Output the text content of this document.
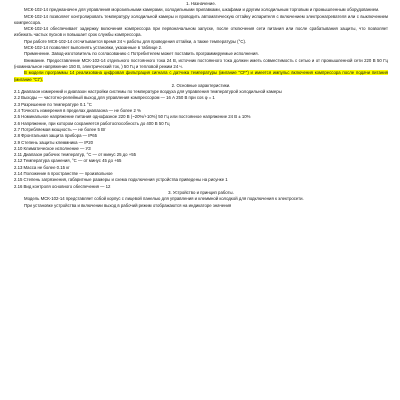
1. Назначение.

МСК-102-14 предназначен для управления морозильными камерами, холодильными прилавками, шкафами и другим холодильным торговым и промышленным оборудованием.

МСК-102-14 позволяет контролировать температуру холодильной камеры и проводить автоматическую оттайку испарителя с включением электронагревателя или с выключением компрессора.

МСК-102-14 обеспечивает задержку включения компрессора при первоначальном запуске, после отключения сети питания или после срабатывания защиты, что позволяет избежать частых пусков и повышает срок службы компрессора.

При работе МСК-102-14 отсчитывается время 24 ч работы для проведения оттайки, а также температуры (°С).

МСК-102-14 позволяет выполнять установки, указанные в таблице 2.

Применение. Завод-изготовитель по согласованию с Потребителем может поставить программируемые исполнения.

Внимание. Предоставление МСК-102-14 отдельного постоянного тока 24 В, источник постоянного тока должен иметь совместимость с сетью и от промышленной сети 220 В 50 Гц (номинальное напряжение 150 В, электрический ток, ) 50 Гц и тепловой режим 24 ч.

В модели программы 14 реализована цифровая фильтрация сигнала с датчика температуры (мигание "CF") и имеется импульс включения компрессора после подачи питания (мигание "Ct").

2. Основные характеристики.

2.1 Диапазон измерений и диапазон настройки системы по температуре воздуха для управления температурой холодильной камеры

2.2 Выходы — частотно-релейный выход для управления компрессором — 16 А 250 В при cos φ = 1

2.3 Разрешение по температуре 0.1 °С

2.4 Точность измерения в пределах диапазона — не более 2 %

2.5 Номинальное напряжение питания однофазное 220 В (~20%/+10%) 50 Гц или постоянное напряжение 24 В ± 10%

2.6 Напряжение, при котором сохраняется работоспособность до 400 В 50 Гц

2.7 Потребляемая мощность — не более 5 Вт

2.8 Фронтальная защита прибора — IP65

2.9 Степень защиты клеммника — IP20

2.10 Климатическое исполнение — УЗ

2.11 Диапазон рабочих температур, °С — от минус 25 до +55

2.12 Температура хранения, °С — от минус 45 до +65

2.13 Масса не более 0.15 кг

2.14 Положение в пространстве — произвольное

2.15 Степень загрязнения, габаритные размеры и схема подключения устройства приведены на рисунке 1

2.16 Вид контроля основного обеспечения — 12

3. Устройство и принцип работы.

Модель МСК-102-14 представляет собой корпус с лицевой панелью для управления и клеммной колодкой для подключения к электросети.

При установке устройства и включении выход в рабочий режим отображаются на индикаторе значения
